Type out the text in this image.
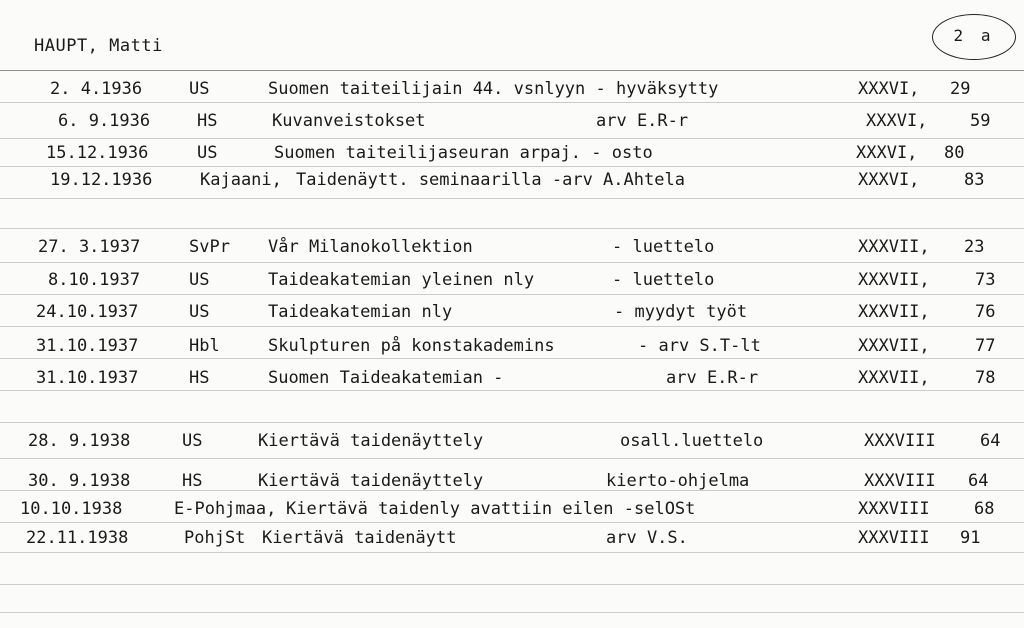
HAUPT, Matti
2 a
2. 4.1936	US	Suomen taiteilijain 44. vsnlyyn - hyväksytty	XXXVI, 29
6. 9.1936	HS	Kuvanveistokset	arv E.R-r	XXXVI,	59
15.12.1936	US	Suomen taiteilijaseuran arpaj. - osto	XXXVI, 80
19.12.1936	Kajaani, Taidenäytt. seminaarilla -arv A.Ahtela	XXXVI,	83
27. 3.1937	SvPr Vår Milanokollektion	- luettelo	XXXVII, 23
8.10.1937	US	Taideakatemian yleinen nly	- luettelo	XXXVII,	73
24.10.1937	US	Taideakatemian nly	- myydyt työt	XXXVII,	76
31.10.1937	Hbl	Skulpturen på konstakademins	- arv S.T-lt	XXXVII,	77
31.10.1937	HS	Suomen Taideakatemian -	arv E.R-r	XXXVII,	78
28. 9.1938	US	Kiertävä taidenäyttely	osall.luettelo	XXXVIII	64
30. 9.1938	HS	Kiertävä taidenäyttely	kierto-ohjelma	XXXVIII 64
10.10.1938	E-Pohjmaa, Kiertävä taidenly avattiin eilen -selOSt	XXXVIII	68
22.11.1938	PohjSt Kiertävä taidenäytt	arv V.S.	XXXVIII 91
